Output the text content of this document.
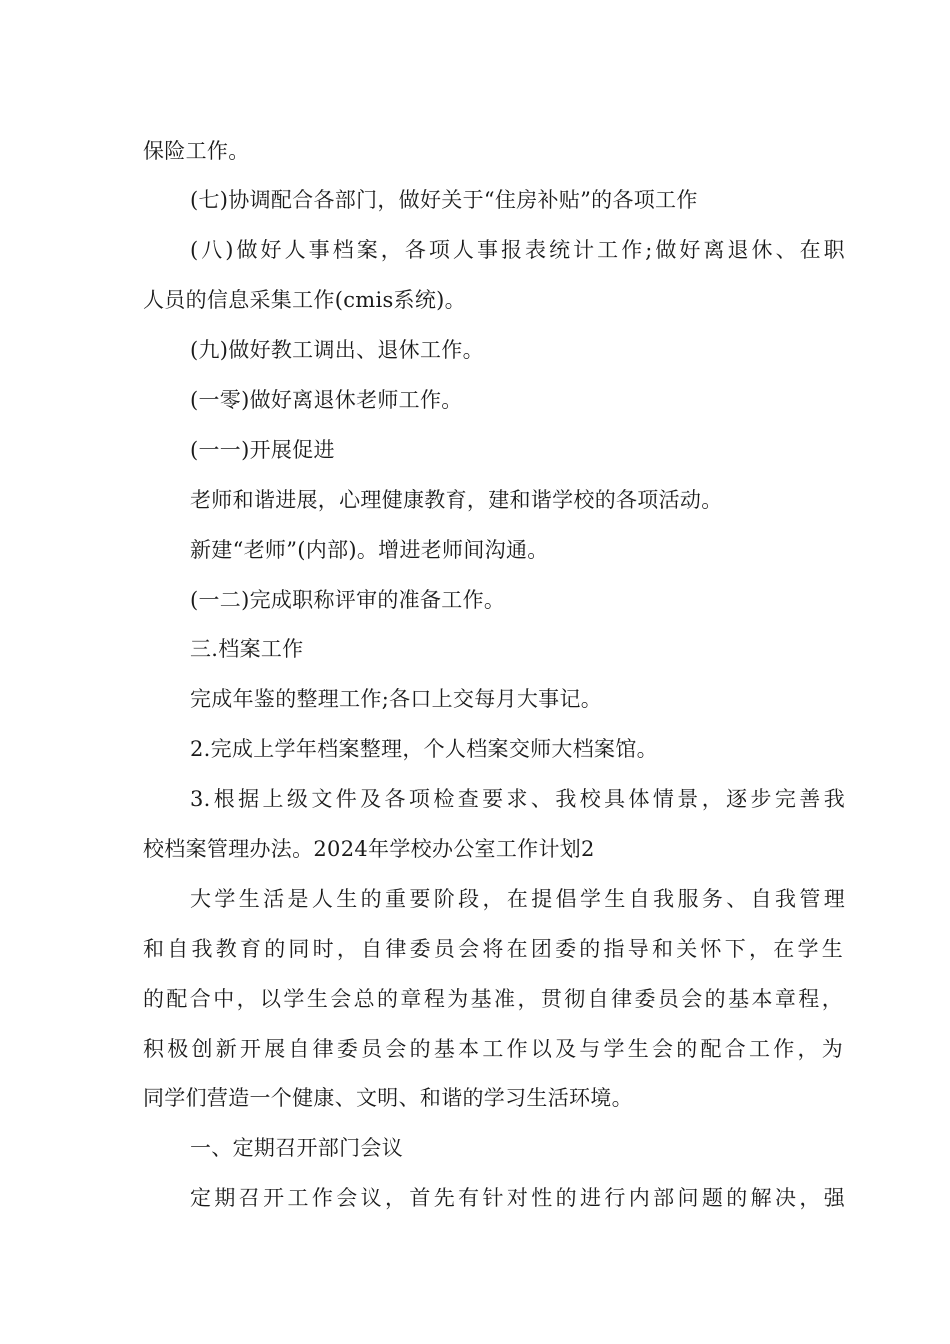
保险工作。
(七)协调配合各部门，做好关于“住房补贴”的各项工作
(八)做好人事档案，各项人事报表统计工作;做好离退休、在职
人员的信息采集工作(cmis系统)。
(九)做好教工调出、退休工作。
(一零)做好离退休老师工作。
(一一)开展促进
老师和谐进展，心理健康教育，建和谐学校的各项活动。
新建“老师”(内部)。增进老师间沟通。
(一二)完成职称评审的准备工作。
三.档案工作
完成年鉴的整理工作;各口上交每月大事记。
2.完成上学年档案整理，个人档案交师大档案馆。
3.根据上级文件及各项检查要求、我校具体情景，逐步完善我
校档案管理办法。2024年学校办公室工作计划2
大学生活是人生的重要阶段，在提倡学生自我服务、自我管理
和自我教育的同时，自律委员会将在团委的指导和关怀下，在学生
的配合中，以学生会总的章程为基准，贯彻自律委员会的基本章程，
积极创新开展自律委员会的基本工作以及与学生会的配合工作，为
同学们营造一个健康、文明、和谐的学习生活环境。
一、定期召开部门会议
定期召开工作会议，首先有针对性的进行内部问题的解决，强
